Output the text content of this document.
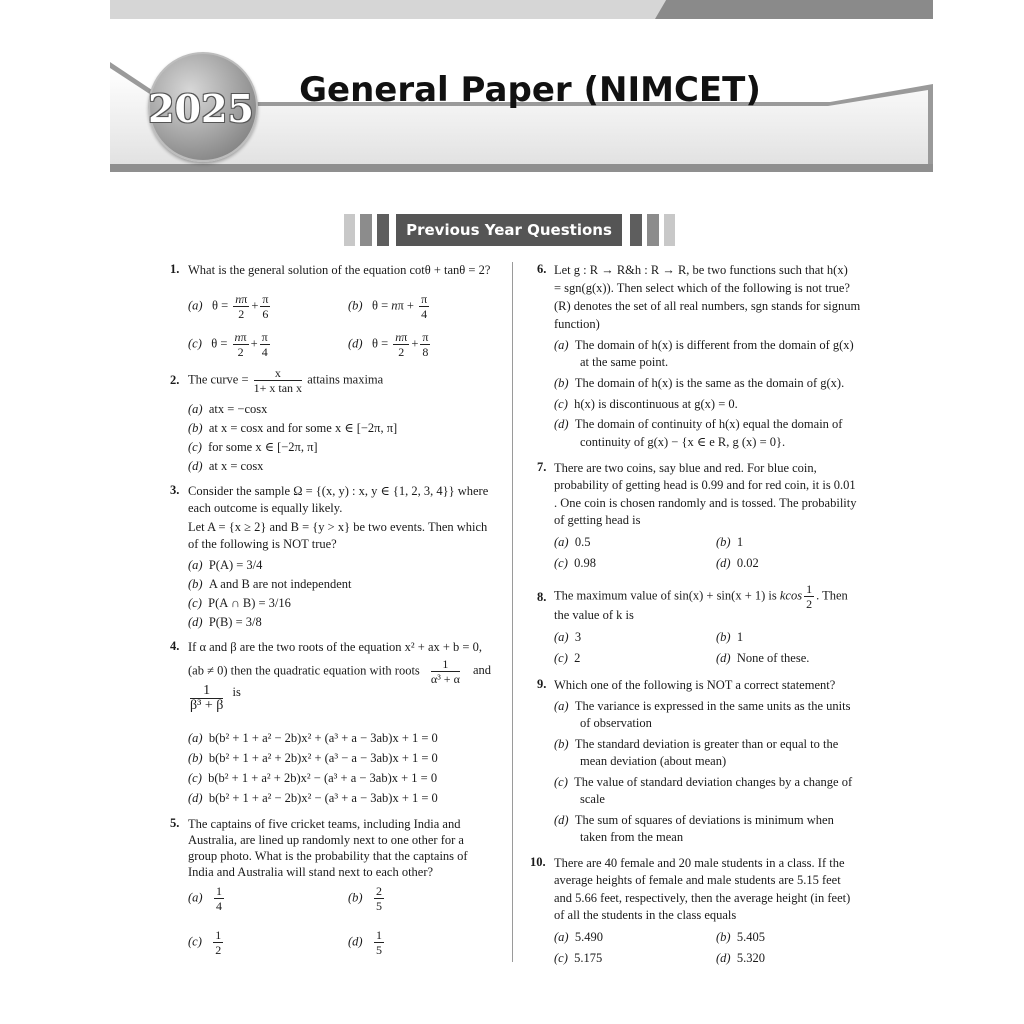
2025 General Paper (NIMCET)
Previous Year Questions
1. What is the general solution of the equation cotθ + tanθ = 2?
(a)   $\theta = \frac{n\pi}{2} + \frac{\pi}{6}$	(b)   $\theta = n\pi + \frac{\pi}{4}$
(c)   $\theta = \frac{n\pi}{2} + \frac{\pi}{4}$	(d)   $\theta = \frac{n\pi}{2} + \frac{\pi}{8}$
2. The curve = $\frac{x}{\text{1+ x tan x}}$ attains maxima
(a) atx = −cosx
(b) at x = cosx and for some x ∈ [−2π, π]
(c) for some x ∈ [−2π, π]
(d) at x = cosx
3. Consider the sample Ω = {(x, y) : x, y ∈ {1, 2, 3, 4}} where
each outcome is equally likely.
Let A = {x ≥ 2} and B = {y > x} be two events. Then which
of the following is NOT true?
(a) P(A) = 3/4
(b) A and B are not independent
(c) P(A ∩ B) = 3/16
(d) P(B) = 3/8
4. If α and β are the two roots of the equation x² + ax + b = 0,
(ab ≠ 0) then the quadratic equation with roots $\frac{1}{\text{α³ + α}}$ and
$\frac{1}{\text{β³ + β}}$ is
(a) b(b² + 1 + a² − 2b)x² + (a³ + a − 3ab)x + 1 = 0
(b) b(b² + 1 + a² + 2b)x² + (a³ − a − 3ab)x + 1 = 0
(c) b(b² + 1 + a² + 2b)x² − (a³ + a − 3ab)x + 1 = 0
(d) b(b² + 1 + a² − 2b)x² − (a³ + a − 3ab)x + 1 = 0
5. The captains of five cricket teams, including India and
Australia, are lined up randomly next to one other for a
group photo. What is the probability that the captains of
India and Australia will stand next to each other?
$(a) \frac{1}{4}$	$(b) \frac{2}{5}$
$(c) \frac{1}{2}$	$(d) \frac{1}{5}$
6. Let g : R → R&h : R → R, be two functions such that h(x)
= sgn(g(x)). Then select which of the following is not true?
(R) denotes the set of all real numbers, sgn stands for signum
function)
(a) The domain of h(x) is different from the domain of g(x)
at the same point.
(b) The domain of h(x) is the same as the domain of g(x).
(c) h(x) is discontinuous at g(x) = 0.
(d) The domain of continuity of h(x) equal the domain of
continuity of g(x) − {x ∈ e R, g (x) = 0}.
7. There are two coins, say blue and red. For blue coin,
probability of getting head is 0.99 and for red coin, it is 0.01
. One coin is chosen randomly and is tossed. The probability
of getting head is
(a) 0.5	(b) 1
(c) 0.98	(d) 0.02
8. The maximum value of sin(x) + sin(x + 1) is kcos $\frac{1}{2}$ . Then
the value of k is
(a) 3	(b) 1
(c) 2	(d) None of these.
9. Which one of the following is NOT a correct statement?
(a) The variance is expressed in the same units as the units
of observation
(b) The standard deviation is greater than or equal to the
mean deviation (about mean)
(c) The value of standard deviation changes by a change of
scale
(d) The sum of squares of deviations is minimum when
taken from the mean
10. There are 40 female and 20 male students in a class. If the
average heights of female and male students are 5.15 feet
and 5.66 feet, respectively, then the average height (in feet)
of all the students in the class equals
(a) 5.490	(b) 5.405
(c) 5.175	(d) 5.320
